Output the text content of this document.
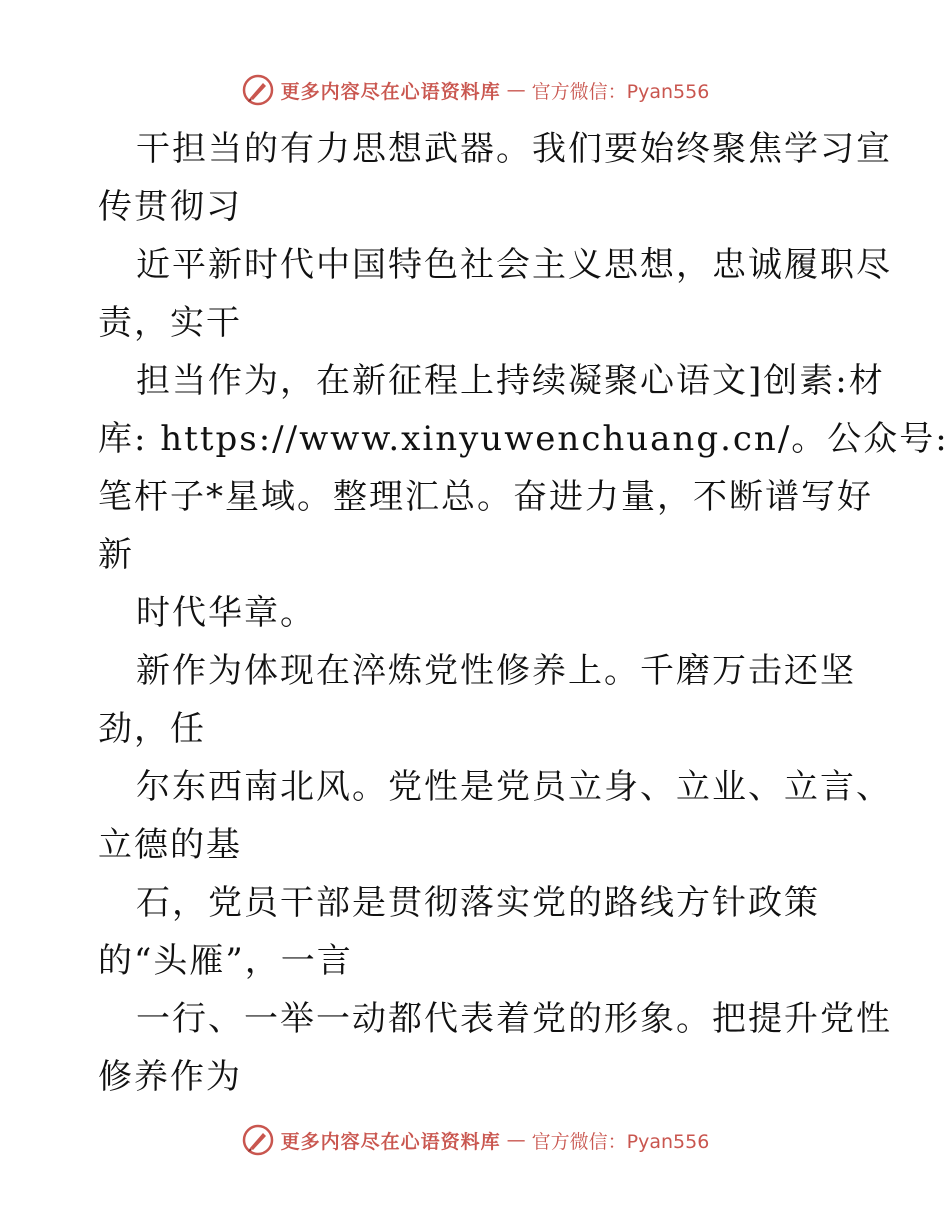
更多内容尽在心语资料库 — 官方微信：Pyan556
干担当的有力思想武器。我们要始终聚焦学习宣
传贯彻习
近平新时代中国特色社会主义思想，忠诚履职尽
责，实干
担当作为，在新征程上持续凝聚心语文]创素:材
库: https://www.xinyuwenchuang.cn/。公众号:
笔杆子*星域。整理汇总。奋进力量，不断谱写好
新
时代华章。
新作为体现在淬炼党性修养上。千磨万击还坚
劲，任
尔东西南北风。党性是党员立身、立业、立言、
立德的基
石，党员干部是贯彻落实党的路线方针政策
的“头雁”，一言
一行、一举一动都代表着党的形象。把提升党性
修养作为
更多内容尽在心语资料库 — 官方微信：Pyan556
